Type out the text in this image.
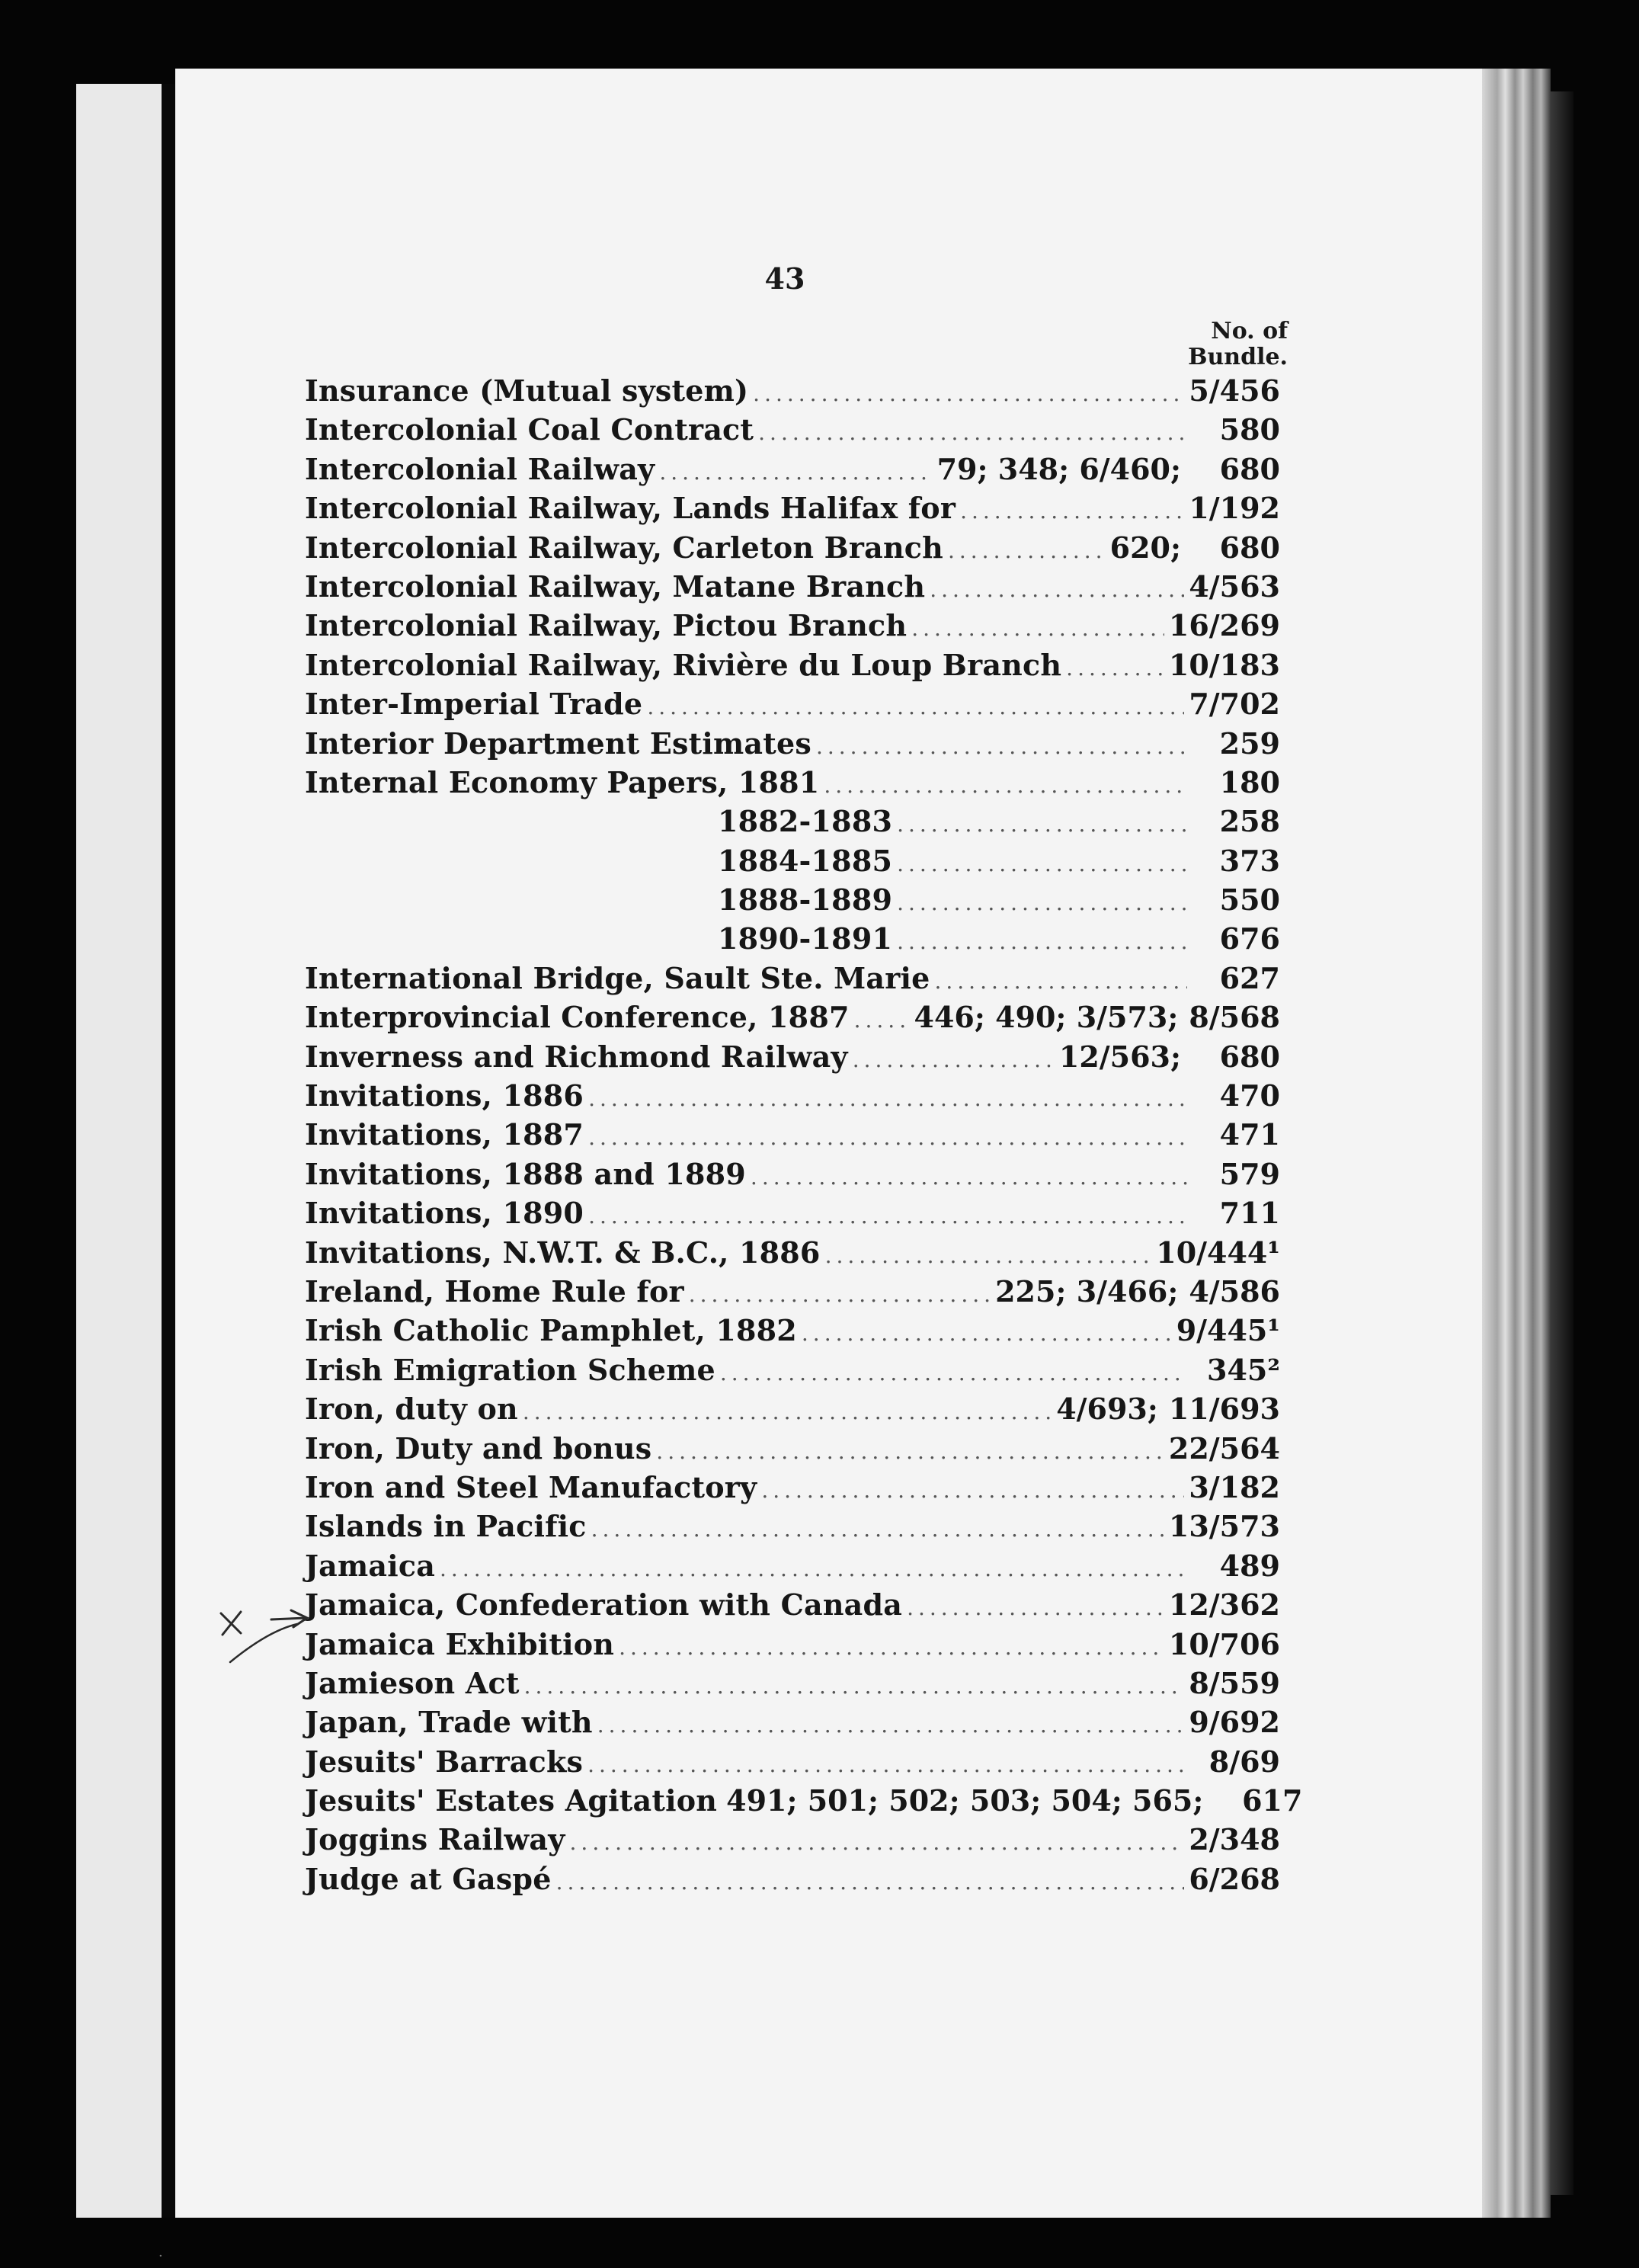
43
No. of
Bundle.
Insurance (Mutual system) .....	5/456
Intercolonial Coal Contract .....	580
Intercolonial Railway .....	79; 348; 6/460;	680
Intercolonial Railway, Lands Halifax for .....	1/192
Intercolonial Railway, Carleton Branch .....	620;	680
Intercolonial Railway, Matane Branch .....	4/563
Intercolonial Railway, Pictou Branch .....	16/269
Intercolonial Railway, Rivière du Loup Branch .....	10/183
Inter-Imperial Trade .....	7/702
Interior Department Estimates .....	259
Internal Economy Papers, 1881 .....	180
1882-1883 .....	258
1884-1885 .....	373
1888-1889 .....	550
1890-1891 .....	676
International Bridge, Sault Ste. Marie .....	627
Interprovincial Conference, 1887 ..... 446; 490; 3/573; 8/568
Inverness and Richmond Railway .....	12/563;	680
Invitations, 1886 .....	470
Invitations, 1887 .....	471
Invitations, 1888 and 1889 .....	579
Invitations, 1890 .....	711
Invitations, N.W.T. & B.C., 1886 .....	10/444¹
Ireland, Home Rule for .....	225; 3/466; 4/586
Irish Catholic Pamphlet, 1882 .....	9/445¹
Irish Emigration Scheme .....	345²
Iron, duty on .....	4/693; 11/693
Iron, Duty and bonus .....	22/564
Iron and Steel Manufactory .....	3/182
Islands in Pacific .....	13/573
Jamaica .....	489
Jamaica, Confederation with Canada .....	12/362
Jamaica Exhibition .....	10/706
Jamieson Act .....	8/559
Japan, Trade with .....	9/692
Jesuits' Barracks .....	8/69
Jesuits' Estates Agitation 491; 501; 502; 503; 504; 565;	617
Joggins Railway .....	2/348
Judge at Gaspé .....	6/268
